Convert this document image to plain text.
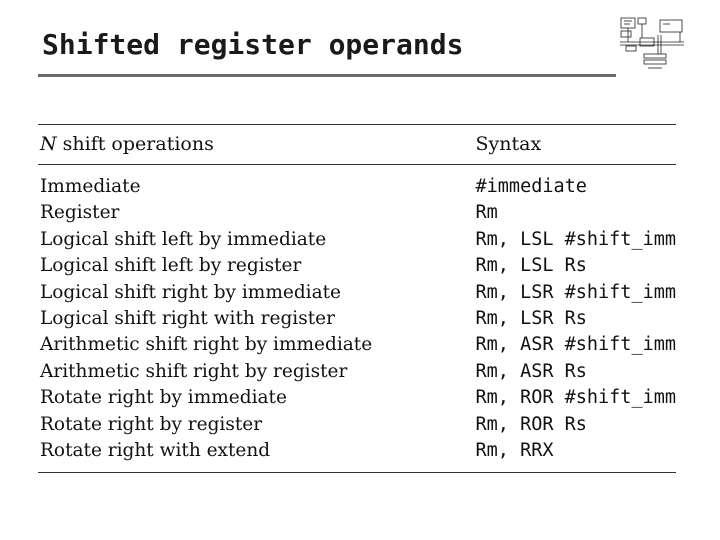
Shifted register operands
N shift operations	Syntax
Immediate	#immediate
Register	Rm
Logical shift left by immediate	Rm, LSL #shift_imm
Logical shift left by register	Rm, LSL Rs
Logical shift right by immediate	Rm, LSR #shift_imm
Logical shift right with register	Rm, LSR Rs
Arithmetic shift right by immediate	Rm, ASR #shift_imm
Arithmetic shift right by register	Rm, ASR Rs
Rotate right by immediate	Rm, ROR #shift_imm
Rotate right by register	Rm, ROR Rs
Rotate right with extend	Rm, RRX
